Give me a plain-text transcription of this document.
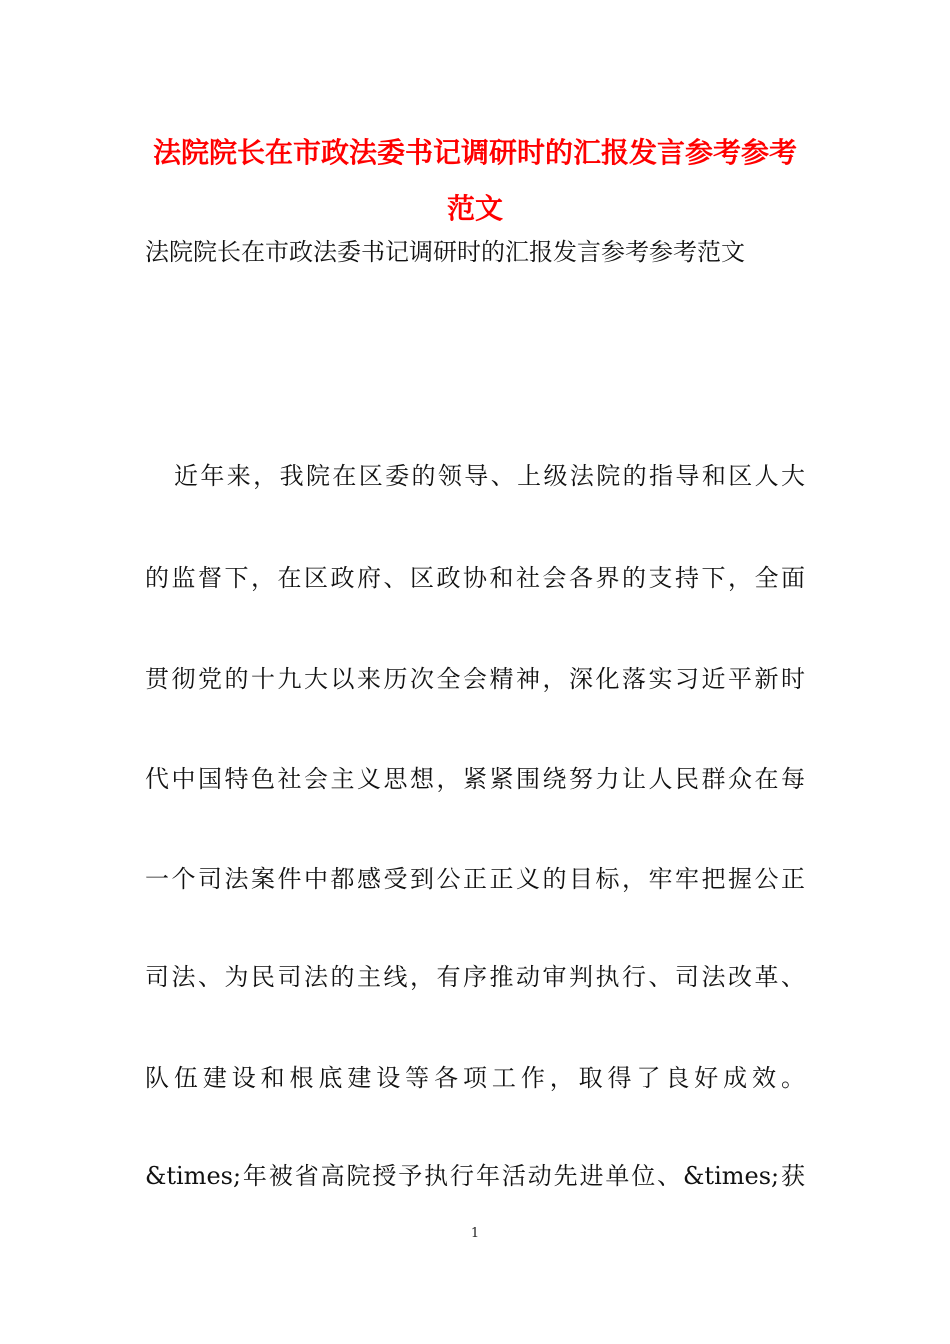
法院院长在市政法委书记调研时的汇报发言参考参考
范文
法院院长在市政法委书记调研时的汇报发言参考参考范文
近年来，我院在区委的领导、上级法院的指导和区人大
的监督下，在区政府、区政协和社会各界的支持下，全面
贯彻党的十九大以来历次全会精神，深化落实习近平新时
代中国特色社会主义思想，紧紧围绕努力让人民群众在每
一个司法案件中都感受到公正正义的目标，牢牢把握公正
司法、为民司法的主线，有序推动审判执行、司法改革、
队伍建设和根底建设等各项工作，取得了良好成效。
&times;年被省高院授予执行年活动先进单位、&times;获
1
